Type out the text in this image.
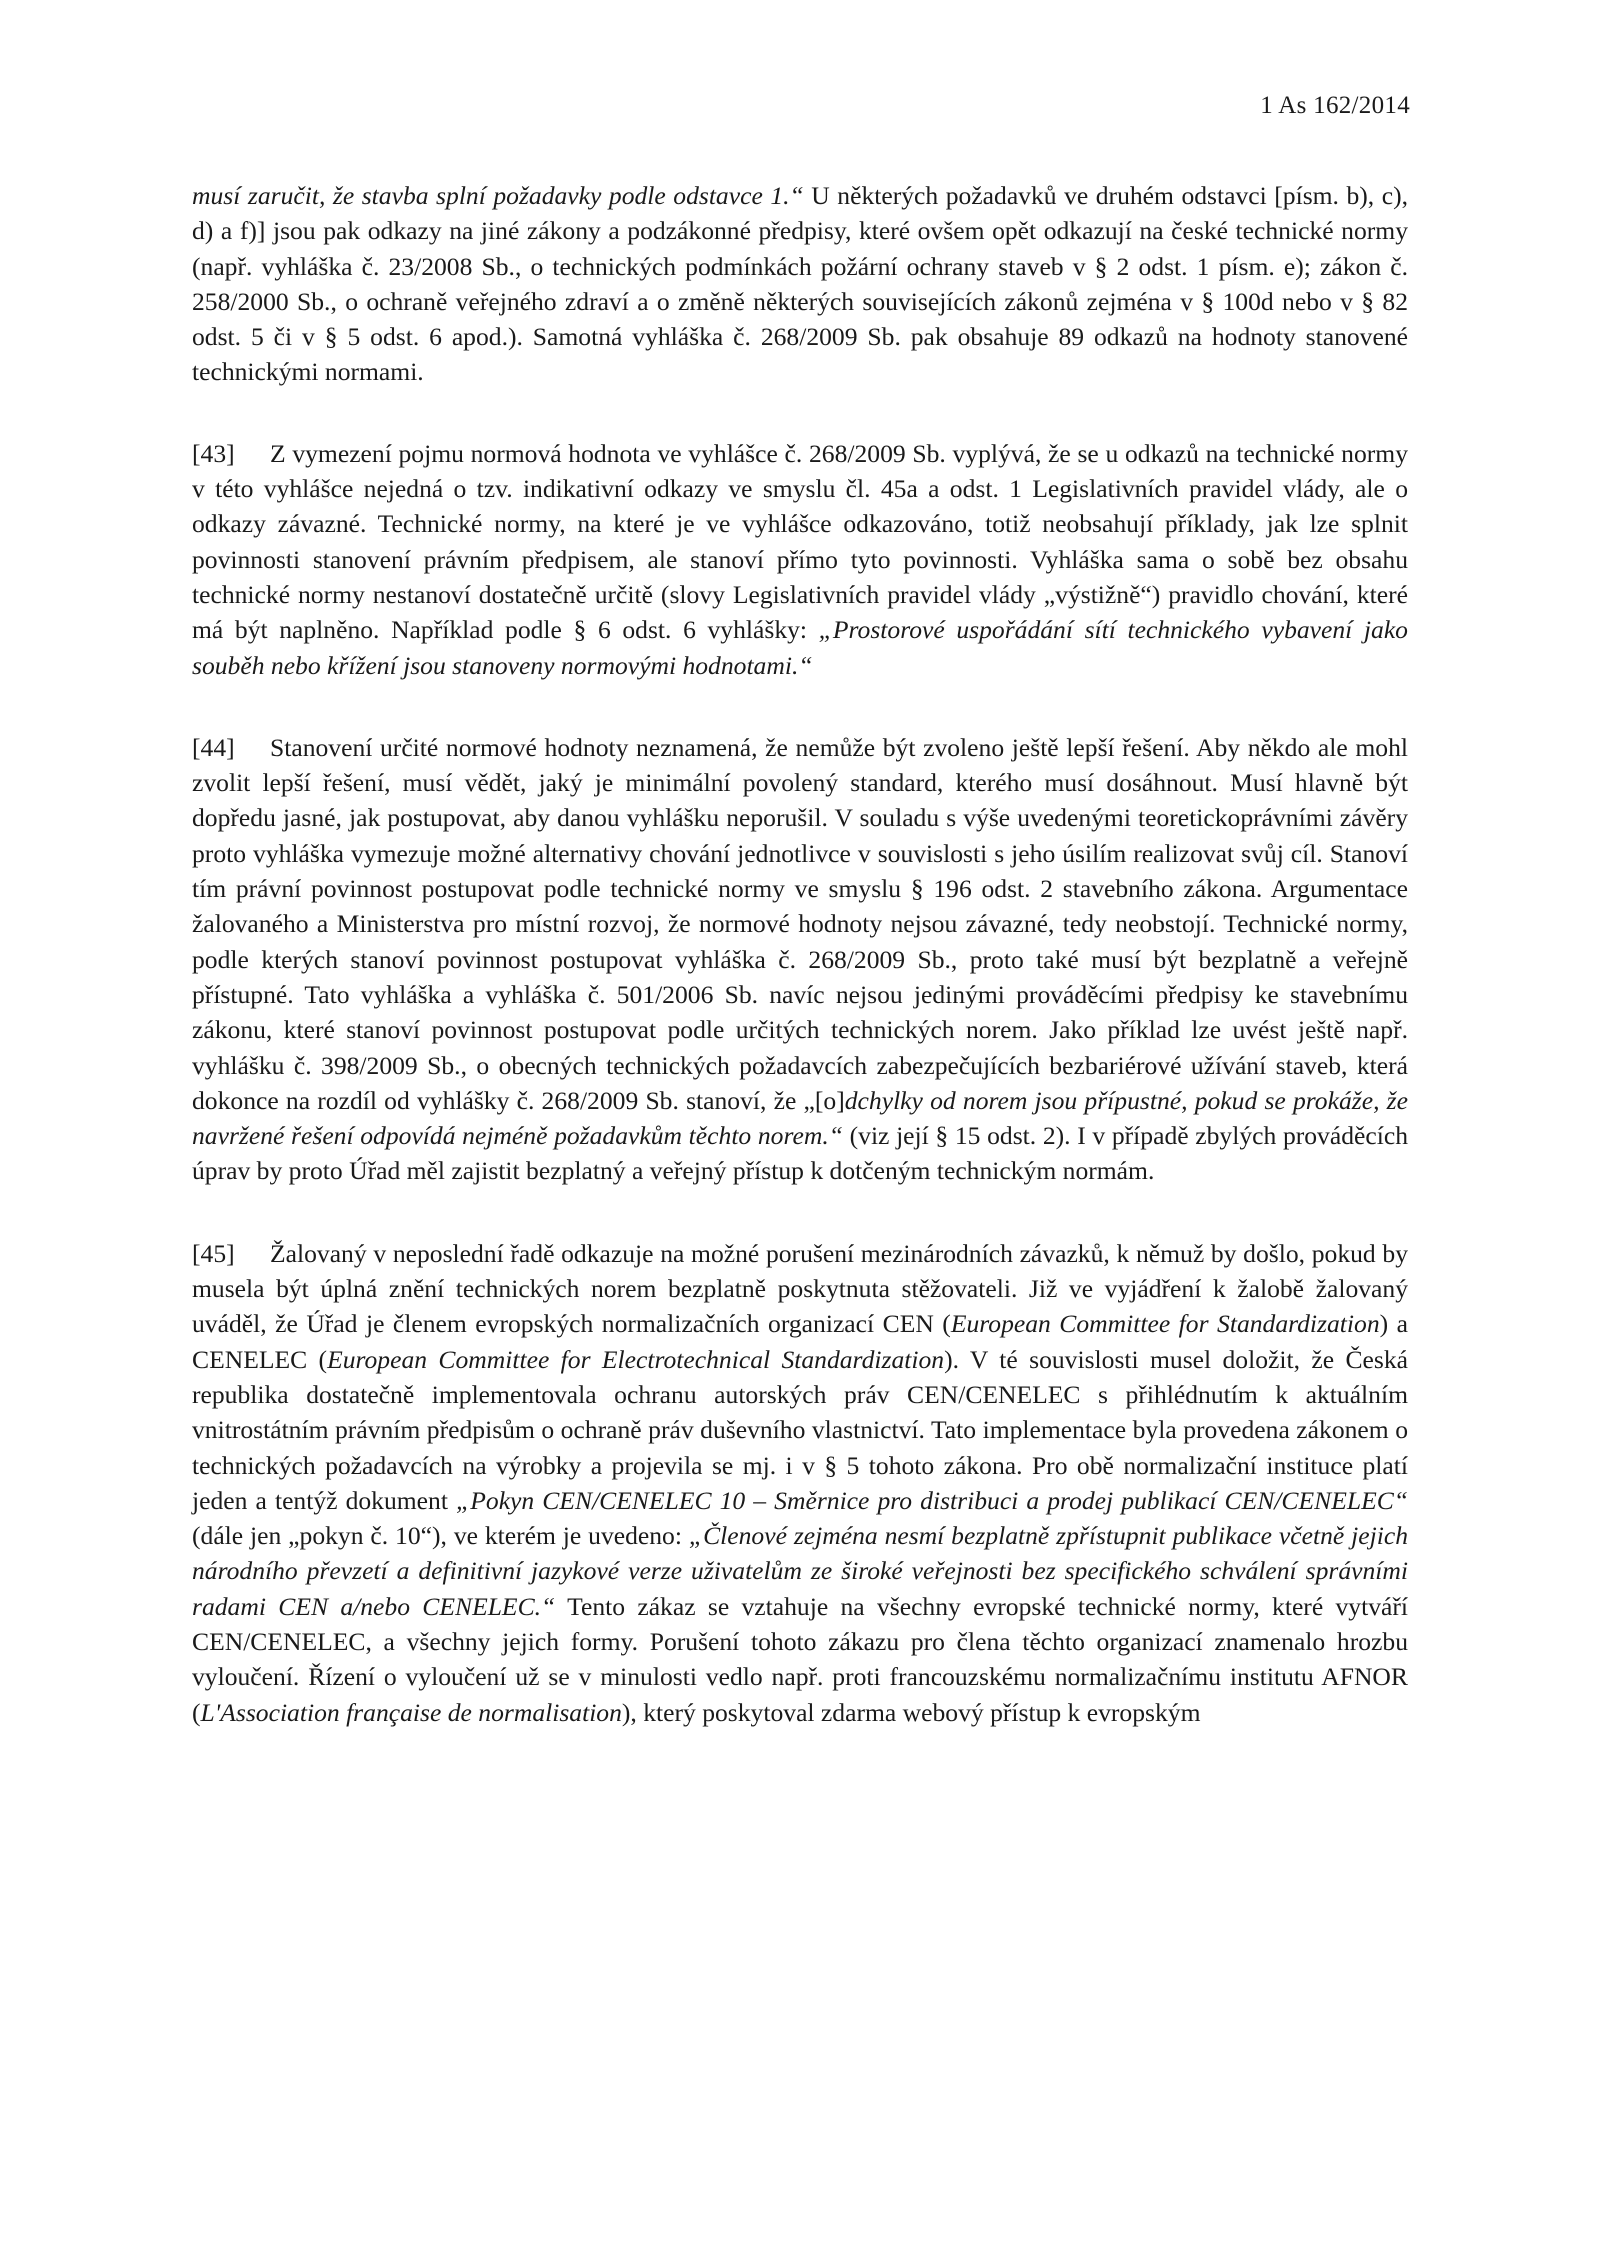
1 As 162/2014

musí zaručit, že stavba splní požadavky podle odstavce 1.“ U některých požadavků ve druhém odstavci [písm. b), c), d) a f)] jsou pak odkazy na jiné zákony a podzákonné předpisy, které ovšem opět odkazují na české technické normy (např. vyhláška č. 23/2008 Sb., o technických podmínkách požární ochrany staveb v § 2 odst. 1 písm. e); zákon č. 258/2000 Sb., o ochraně veřejného zdraví a o změně některých souvisejících zákonů zejména v § 100d nebo v § 82 odst. 5 či v § 5 odst. 6 apod.). Samotná vyhláška č. 268/2009 Sb. pak obsahuje 89 odkazů na hodnoty stanovené technickými normami.

[43] Z vymezení pojmu normová hodnota ve vyhlášce č. 268/2009 Sb. vyplývá, že se u odkazů na technické normy v této vyhlášce nejedná o tzv. indikativní odkazy ve smyslu čl. 45a a odst. 1 Legislativních pravidel vlády, ale o odkazy závazné. Technické normy, na které je ve vyhlášce odkazováno, totiž neobsahují příklady, jak lze splnit povinnosti stanovení právním předpisem, ale stanoví přímo tyto povinnosti. Vyhláška sama o sobě bez obsahu technické normy nestanoví dostatečně určitě (slovy Legislativních pravidel vlády „výstižně“) pravidlo chování, které má být naplněno. Například podle § 6 odst. 6 vyhlášky: „Prostorové uspořádání sítí technického vybavení jako souběh nebo křížení jsou stanoveny normovými hodnotami.“

[44] Stanovení určité normové hodnoty neznamená, že nemůže být zvoleno ještě lepší řešení. Aby někdo ale mohl zvolit lepší řešení, musí vědět, jaký je minimální povolený standard, kterého musí dosáhnout. Musí hlavně být dopředu jasné, jak postupovat, aby danou vyhlášku neporušil. V souladu s výše uvedenými teoretickoprávními závěry proto vyhláška vymezuje možné alternativy chování jednotlivce v souvislosti s jeho úsilím realizovat svůj cíl. Stanoví tím právní povinnost postupovat podle technické normy ve smyslu § 196 odst. 2 stavebního zákona. Argumentace žalovaného a Ministerstva pro místní rozvoj, že normové hodnoty nejsou závazné, tedy neobstojí. Technické normy, podle kterých stanoví povinnost postupovat vyhláška č. 268/2009 Sb., proto také musí být bezplatně a veřejně přístupné. Tato vyhláška a vyhláška č. 501/2006 Sb. navíc nejsou jedinými prováděcími předpisy ke stavebnímu zákonu, které stanoví povinnost postupovat podle určitých technických norem. Jako příklad lze uvést ještě např. vyhlášku č. 398/2009 Sb., o obecných technických požadavcích zabezpečujících bezbariérové užívání staveb, která dokonce na rozdíl od vyhlášky č. 268/2009 Sb. stanoví, že „[o]dchylky od norem jsou přípustné, pokud se prokáže, že navržené řešení odpovídá nejméně požadavkům těchto norem.“ (viz její § 15 odst. 2). I v případě zbylých prováděcích úprav by proto Úřad měl zajistit bezplatný a veřejný přístup k dotčeným technickým normám.

[45] Žalovaný v neposlední řadě odkazuje na možné porušení mezinárodních závazků, k němuž by došlo, pokud by musela být úplná znění technických norem bezplatně poskytnuta stěžovateli. Již ve vyjádření k žalobě žalovaný uváděl, že Úřad je členem evropských normalizačních organizací CEN (European Committee for Standardization) a CENELEC (European Committee for Electrotechnical Standardization). V té souvislosti musel doložit, že Česká republika dostatečně implementovala ochranu autorských práv CEN/CENELEC s přihlédnutím k aktuálním vnitrostátním právním předpisům o ochraně práv duševního vlastnictví. Tato implementace byla provedena zákonem o technických požadavcích na výrobky a projevila se mj. i v § 5 tohoto zákona. Pro obě normalizační instituce platí jeden a tentýž dokument „Pokyn CEN/CENELEC 10 – Směrnice pro distribuci a prodej publikací CEN/CENELEC“ (dále jen „pokyn č. 10“), ve kterém je uvedeno: „Členové zejména nesmí bezplatně zpřístupnit publikace včetně jejich národního převzetí a definitivní jazykové verze uživatelům ze široké veřejnosti bez specifického schválení správními radami CEN a/nebo CENELEC.“ Tento zákaz se vztahuje na všechny evropské technické normy, které vytváří CEN/CENELEC, a všechny jejich formy. Porušení tohoto zákazu pro člena těchto organizací znamenalo hrozbu vyloučení. Řízení o vyloučení už se v minulosti vedlo např. proti francouzskému normalizačnímu institutu AFNOR (L'Association française de normalisation), který poskytoval zdarma webový přístup k evropským
